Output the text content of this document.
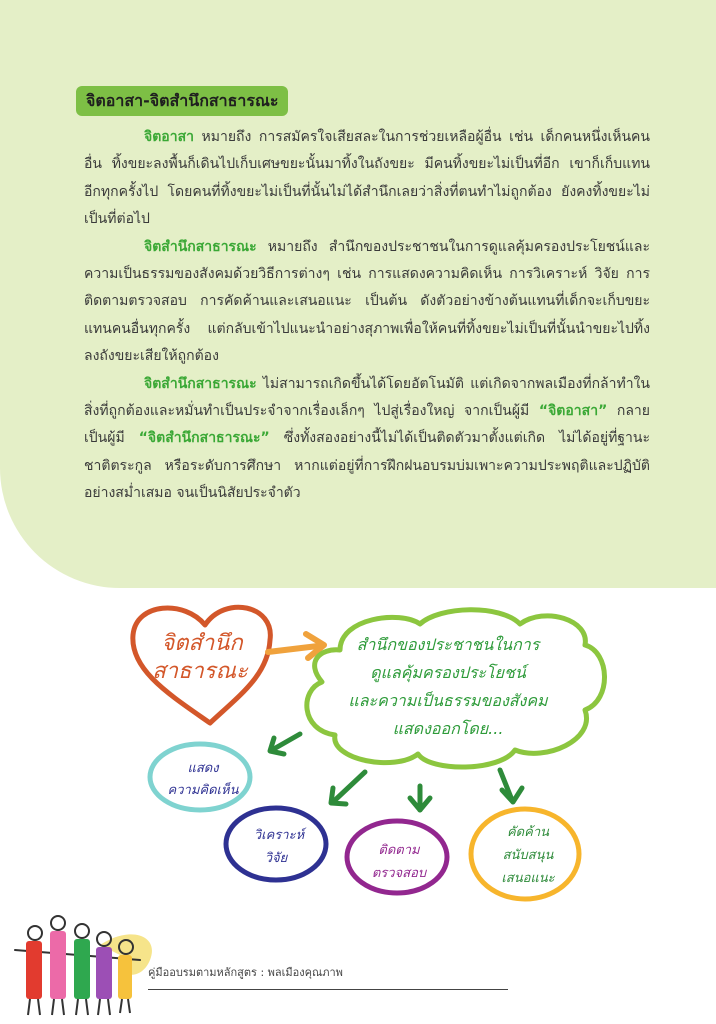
จิตอาสา-จิตสำนึกสาธารณะ

จิตอาสา หมายถึง การสมัครใจเสียสละในการช่วยเหลือผู้อื่น เช่น เด็กคนหนึ่งเห็นคนอื่น ทิ้งขยะลงพื้นก็เดินไปเก็บเศษขยะนั้นมาทิ้งในถังขยะ มีคนทิ้งขยะไม่เป็นที่อีก เขาก็เก็บแทนอีกทุกครั้งไป โดยคนที่ทิ้งขยะไม่เป็นที่นั้นไม่ได้สำนึกเลยว่าสิ่งที่ตนทำไม่ถูกต้อง ยังคงทิ้งขยะไม่เป็นที่ต่อไป

จิตสำนึกสาธารณะ หมายถึง สำนึกของประชาชนในการดูแลคุ้มครองประโยชน์และความเป็นธรรมของสังคมด้วยวิธีการต่างๆ เช่น การแสดงความคิดเห็น การวิเคราะห์ วิจัย การติดตามตรวจสอบ การคัดค้านและเสนอแนะ เป็นต้น ดังตัวอย่างข้างต้นแทนที่เด็กจะเก็บขยะแทนคนอื่นทุกครั้ง แต่กลับเข้าไปแนะนำอย่างสุภาพเพื่อให้คนที่ทิ้งขยะไม่เป็นที่นั้นนำขยะไปทิ้งลงถังขยะเสียให้ถูกต้อง

จิตสำนึกสาธารณะ ไม่สามารถเกิดขึ้นได้โดยอัตโนมัติ แต่เกิดจากพลเมืองที่กล้าทำในสิ่งที่ถูกต้องและหมั่นทำเป็นประจำจากเรื่องเล็กๆ ไปสู่เรื่องใหญ่ จากเป็นผู้มี “จิตอาสา” กลายเป็นผู้มี “จิตสำนึกสาธารณะ” ซึ่งทั้งสองอย่างนี้ไม่ได้เป็นติดตัวมาตั้งแต่เกิด ไม่ได้อยู่ที่ฐานะ ชาติตระกูล หรือระดับการศึกษา หากแต่อยู่ที่การฝึกฝนอบรมบ่มเพาะความประพฤติและปฏิบัติอย่างสม่ำเสมอ จนเป็นนิสัยประจำตัว

จิตสำนึก
สาธารณะ
สำนึกของประชาชนในการ
ดูแลคุ้มครองประโยชน์
และความเป็นธรรมของสังคม
แสดงออกโดย...
แสดง
ความคิดเห็น
วิเคราะห์
วิจัย
ติดตาม
ตรวจสอบ
คัดค้าน
สนับสนุน
เสนอแนะ
คู่มืออบรมตามหลักสูตร : พลเมืองคุณภาพ
